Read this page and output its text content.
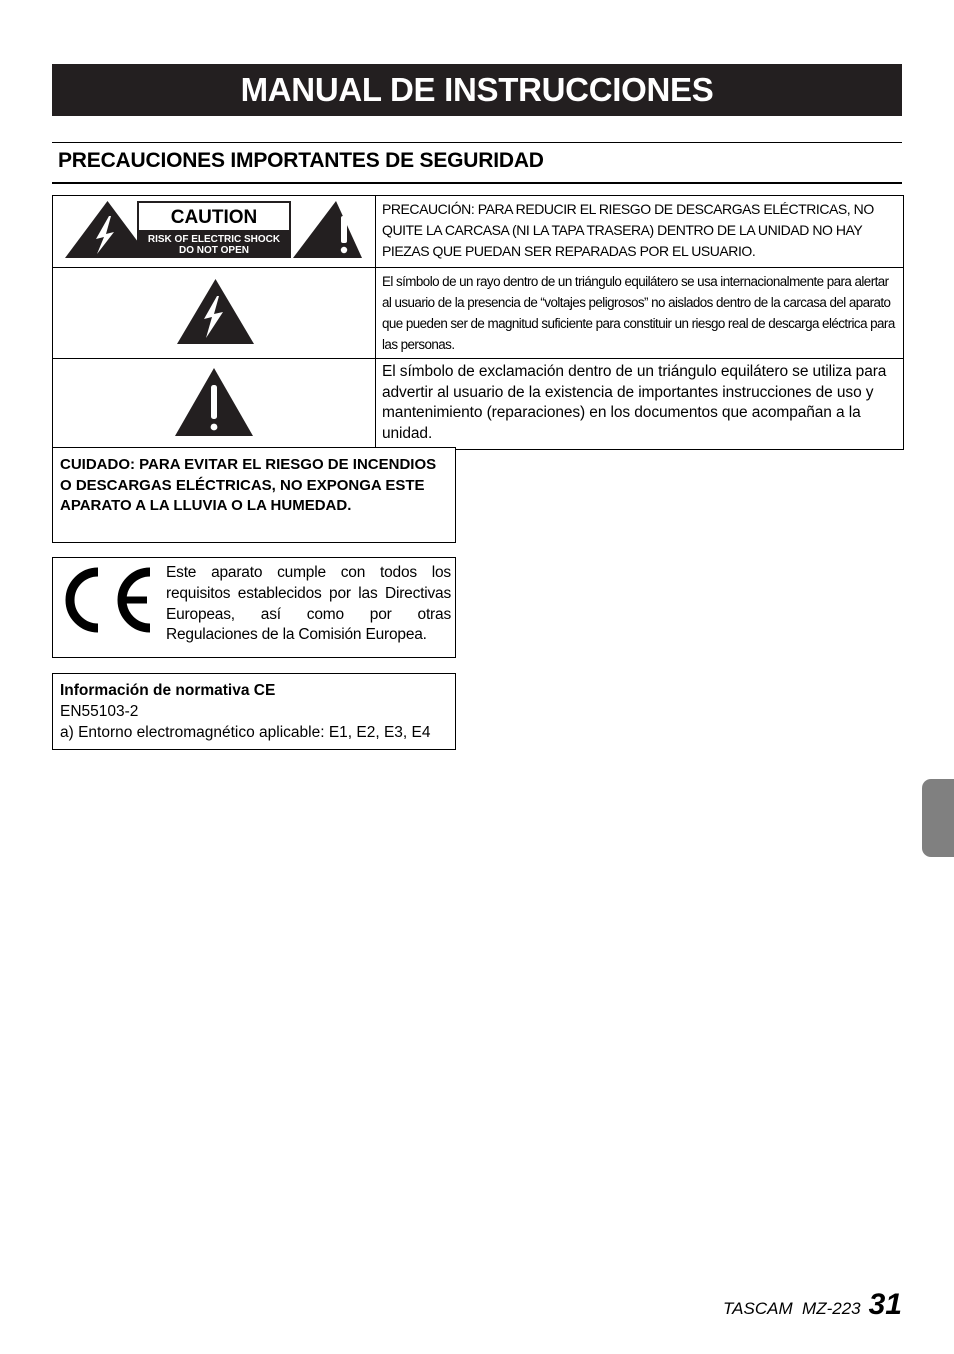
MANUAL DE INSTRUCCIONES
PRECAUCIONES IMPORTANTES DE SEGURIDAD
CAUTION
RISK OF ELECTRIC SHOCK
DO NOT OPEN	PRECAUCIÓN: PARA REDUCIR EL RIESGO DE DESCARGAS ELÉCTRICAS, NO QUITE LA CARCASA (NI LA TAPA TRASERA) DENTRO DE LA UNIDAD NO HAY PIEZAS QUE PUEDAN SER REPARADAS POR EL USUARIO.
	El símbolo de un rayo dentro de un triángulo equilátero se usa internacionalmente para alertar al usuario de la presencia de “voltajes peligrosos” no aislados dentro de la carcasa del aparato que pueden ser de magnitud suficiente para constituir un riesgo real de descarga eléctrica para las personas.
	El símbolo de exclamación dentro de un triángulo equilátero se utiliza para advertir al usuario de la existencia de importantes instrucciones de uso y mantenimiento (reparaciones) en los documentos que acompañan a la unidad.
CUIDADO: PARA EVITAR EL RIESGO DE INCENDIOS O DESCARGAS ELÉCTRICAS, NO EXPONGA ESTE APARATO A LA LLUVIA O LA HUMEDAD.
Este aparato cumple con todos los requisitos establecidos por las Directivas Europeas, así como por otras Regulaciones de la Comisión Europea.
Información de normativa CE
EN55103-2
a) Entorno electromagnético aplicable: E1, E2, E3, E4
TASCAM  MZ-223 31
